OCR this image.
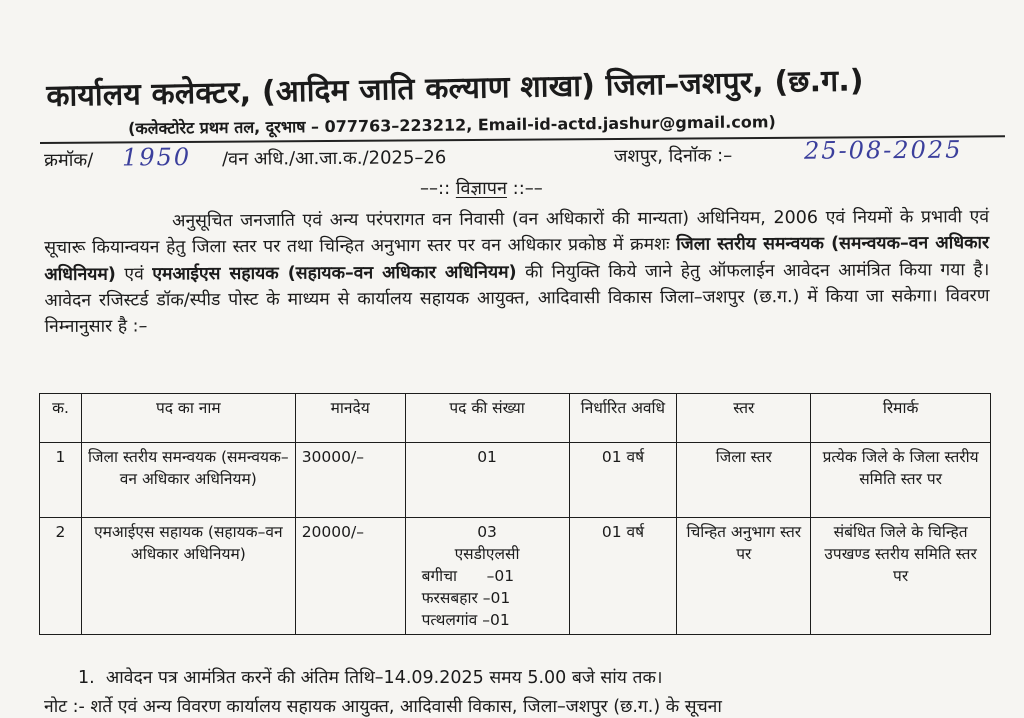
कार्यालय कलेक्टर, (आदिम जाति कल्याण शाखा) जिला–जशपुर, (छ.ग.)
(कलेक्टोरेट प्रथम तल, दूरभाष – 077763–223212, Email-id-actd.jashur@gmail.com)
क्रमॉक/ 1950 /वन अधि./आ.जा.क./2025–26	जशपुर, दिनॉक :–	25-08-2025
––:: विज्ञापन ::––
अनुसूचित जनजाति एवं अन्य परंपरागत वन निवासी (वन अधिकारों की मान्यता) अधिनियम, 2006 एवं नियमों के प्रभावी एवं सूचारू कियान्वयन हेतु जिला स्तर पर तथा चिन्हित अनुभाग स्तर पर वन अधिकार प्रकोष्ठ में क्रमशः जिला स्तरीय समन्वयक (समन्वयक–वन अधिकार अधिनियम) एवं एमआईएस सहायक (सहायक–वन अधिकार अधिनियम) की नियुक्ति किये जाने हेतु ऑफलाईन आवेदन आमंत्रित किया गया है। आवेदन रजिस्टर्ड डॉक/स्पीड पोस्ट के माध्यम से कार्यालय सहायक आयुक्त, आदिवासी विकास जिला–जशपुर (छ.ग.) में किया जा सकेगा। विवरण निम्नानुसार है :–
क.	पद का नाम	मानदेय	पद की संख्या	निर्धारित अवधि	स्तर	रिमार्क
1	जिला स्तरीय समन्वयक (समन्वयक–वन अधिकार अधिनियम)	30000/–	01	01 वर्ष	जिला स्तर	प्रत्येक जिले के जिला स्तरीय समिति स्तर पर
2	एमआईएस सहायक (सहायक–वन अधिकार अधिनियम)	20000/–	03
एसडीएलसी
बगीचा      –01
फरसबहार –01
पत्थलगांव –01	01 वर्ष	चिन्हित अनुभाग स्तर पर	संबंधित जिले के चिन्हित उपखण्ड स्तरीय समिति स्तर पर
1. आवेदन पत्र आमंत्रित करनें की अंतिम तिथि–14.09.2025 समय 5.00 बजे सांय तक।
नोट :- शर्ते एवं अन्य विवरण कार्यालय सहायक आयुक्त, आदिवासी विकास, जिला–जशपुर (छ.ग.) के सूचना
